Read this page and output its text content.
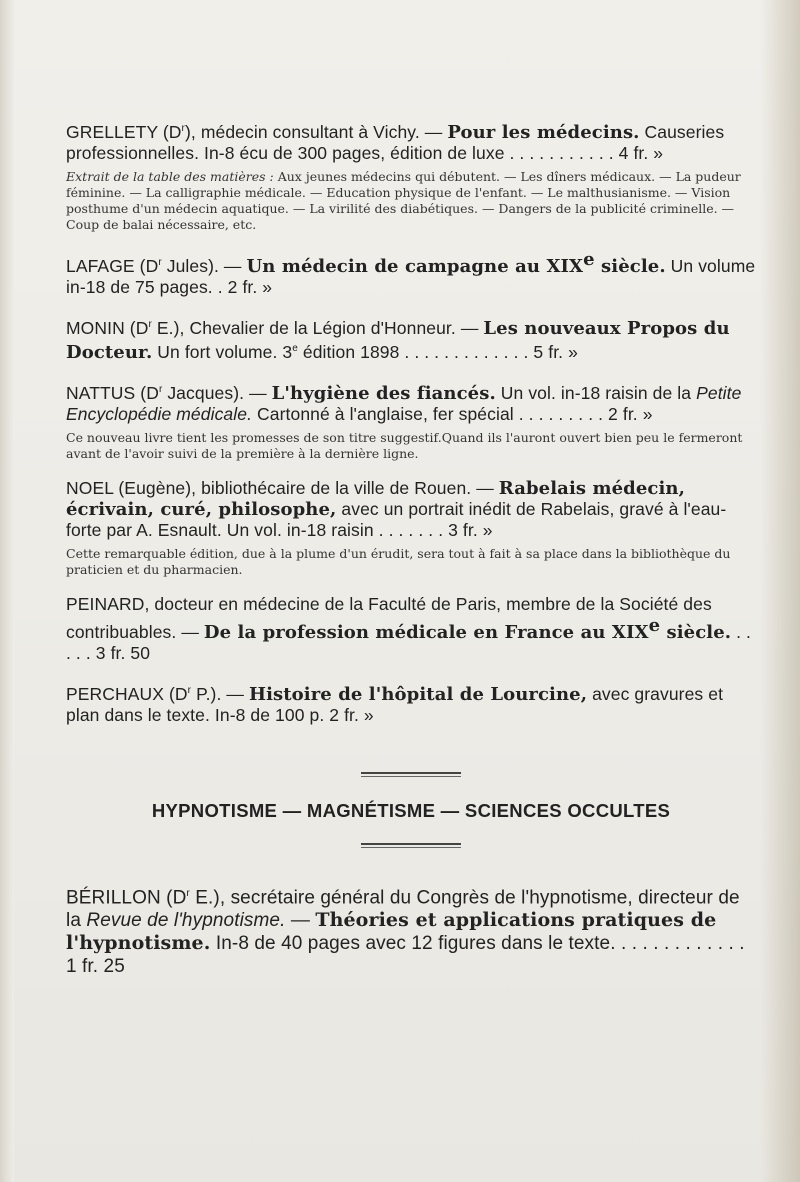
GRELLETY $(D^r)$, médecin consultant à Vichy. — Pour les médecins. Causeries professionnelles. In-8 écu de 300 pages, édition de luxe . . . . . . . . . . . 4 fr. »

Extrait de la table des matières : Aux jeunes médecins qui débutent. — Les dîners médicaux. — La pudeur féminine. — La calligraphie médicale. — Education physique de l'enfant. — Le malthusianisme. — Vision posthume d'un médecin aquatique. — La virilité des diabétiques. — Dangers de la publicité criminelle. — Coup de balai nécessaire, etc.

LAFAGE ($D^r$ Jules). — Un médecin de campagne au XIXe siècle. Un volume in-18 de 75 pages. . 2 fr. »

MONIN ($D^r$ E.), Chevalier de la Légion d'Honneur. — Les nouveaux Propos du Docteur. Un fort volume. 3e édition 1898 . . . . . . . . . . . . . 5 fr. »

NATTUS ($D^r$ Jacques). — L'hygiène des fiancés. Un vol. in-18 raisin de la Petite Encyclopédie médicale. Cartonné à l'anglaise, fer spécial . . . . . . . . . 2 fr. »

Ce nouveau livre tient les promesses de son titre suggestif.Quand ils l'auront ouvert bien peu le fermeront avant de l'avoir suivi de la première à la dernière ligne.

NOEL (Eugène), bibliothécaire de la ville de Rouen. — Rabelais médecin, écrivain, curé, philosophe, avec un portrait inédit de Rabelais, gravé à l'eau-forte par A. Esnault. Un vol. in-18 raisin . . . . . . . 3 fr. »

Cette remarquable édition, due à la plume d'un érudit, sera tout à fait à sa place dans la bibliothèque du praticien et du pharmacien.

PEINARD, docteur en médecine de la Faculté de Paris, membre de la Société des contribuables. — De la profession médicale en France au XIXe siècle. . . . . . 3 fr. 50

PERCHAUX ($D^r$ P.). — Histoire de l'hôpital de Lourcine, avec gravures et plan dans le texte. In-8 de 100 p. 2 fr. »

HYPNOTISME — MAGNÉTISME — SCIENCES OCCULTES

BÉRILLON ($D^r$ E.), secrétaire général du Congrès de l'hypnotisme, directeur de la Revue de l'hypnotisme. — Théories et applications pratiques de l'hypnotisme. In-8 de 40 pages avec 12 figures dans le texte. . . . . . . . . . . . . 1 fr. 25
